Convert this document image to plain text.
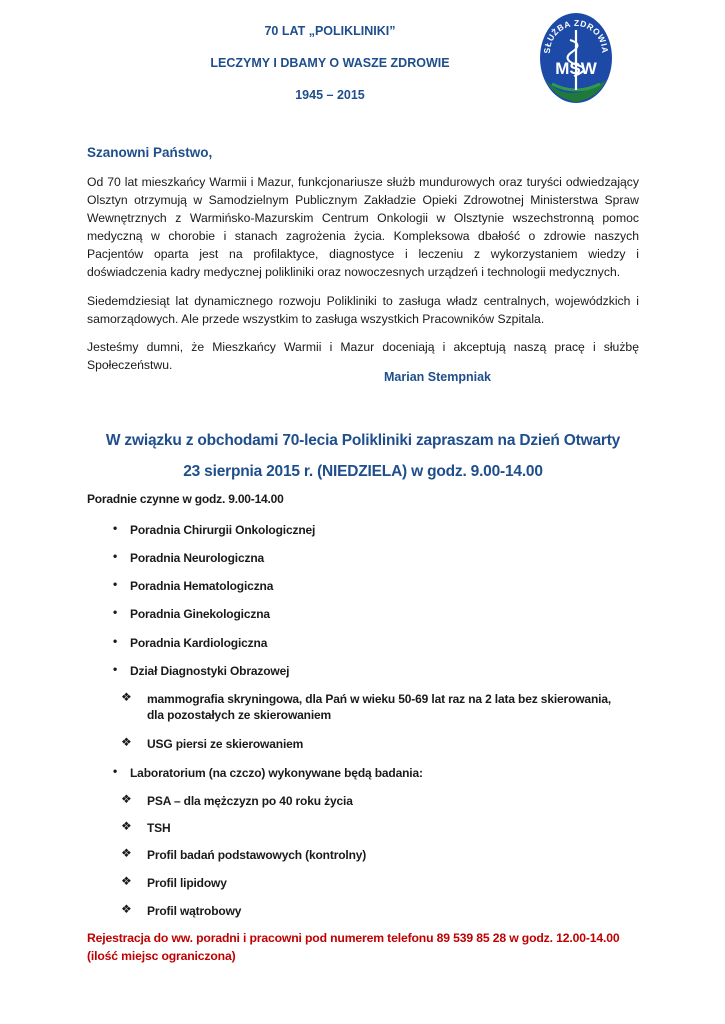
70 LAT „POLIKLINIKI”
LECZYMY I DBAMY O WASZE ZDROWIE
1945 – 2015
SŁUŻBA ZDROWIA
MSW
Szanowni Państwo,
Od 70 lat mieszkańcy Warmii i Mazur, funkcjonariusze służb mundurowych oraz turyści odwiedzający Olsztyn otrzymują w Samodzielnym Publicznym Zakładzie Opieki Zdrowotnej Ministerstwa Spraw Wewnętrznych z Warmińsko-Mazurskim Centrum Onkologii w Olsztynie wszechstronną pomoc medyczną w chorobie i stanach zagrożenia życia. Kompleksowa dbałość o zdrowie naszych Pacjentów oparta jest na profilaktyce, diagnostyce i leczeniu z wykorzystaniem wiedzy i doświadczenia kadry medycznej polikliniki oraz nowoczesnych urządzeń i technologii medycznych.
Siedemdziesiąt lat dynamicznego rozwoju Polikliniki to zasługa władz centralnych, wojewódzkich i samorządowych. Ale przede wszystkim to zasługa wszystkich Pracowników Szpitala.
Jesteśmy dumni, że Mieszkańcy Warmii i Mazur doceniają i akceptują naszą pracę i służbę Społeczeństwu.
Marian Stempniak
W związku z obchodami 70-lecia Polikliniki zapraszam na Dzień Otwarty
23 sierpnia 2015 r. (NIEDZIELA) w godz. 9.00-14.00
Poradnie czynne w godz. 9.00-14.00
• Poradnia Chirurgii Onkologicznej
• Poradnia Neurologiczna
• Poradnia Hematologiczna
• Poradnia Ginekologiczna
• Poradnia Kardiologiczna
• Dział Diagnostyki Obrazowej
❖ mammografia skryningowa, dla Pań w wieku 50-69 lat raz na 2 lata bez skierowania, dla pozostałych ze skierowaniem
❖ USG piersi ze skierowaniem
• Laboratorium (na czczo) wykonywane będą badania:
❖ PSA – dla mężczyzn po 40 roku życia
❖ TSH
❖ Profil badań podstawowych (kontrolny)
❖ Profil lipidowy
❖ Profil wątrobowy
Rejestracja do ww. poradni i pracowni pod numerem telefonu 89 539 85 28 w godz. 12.00-14.00 (ilość miejsc ograniczona)
